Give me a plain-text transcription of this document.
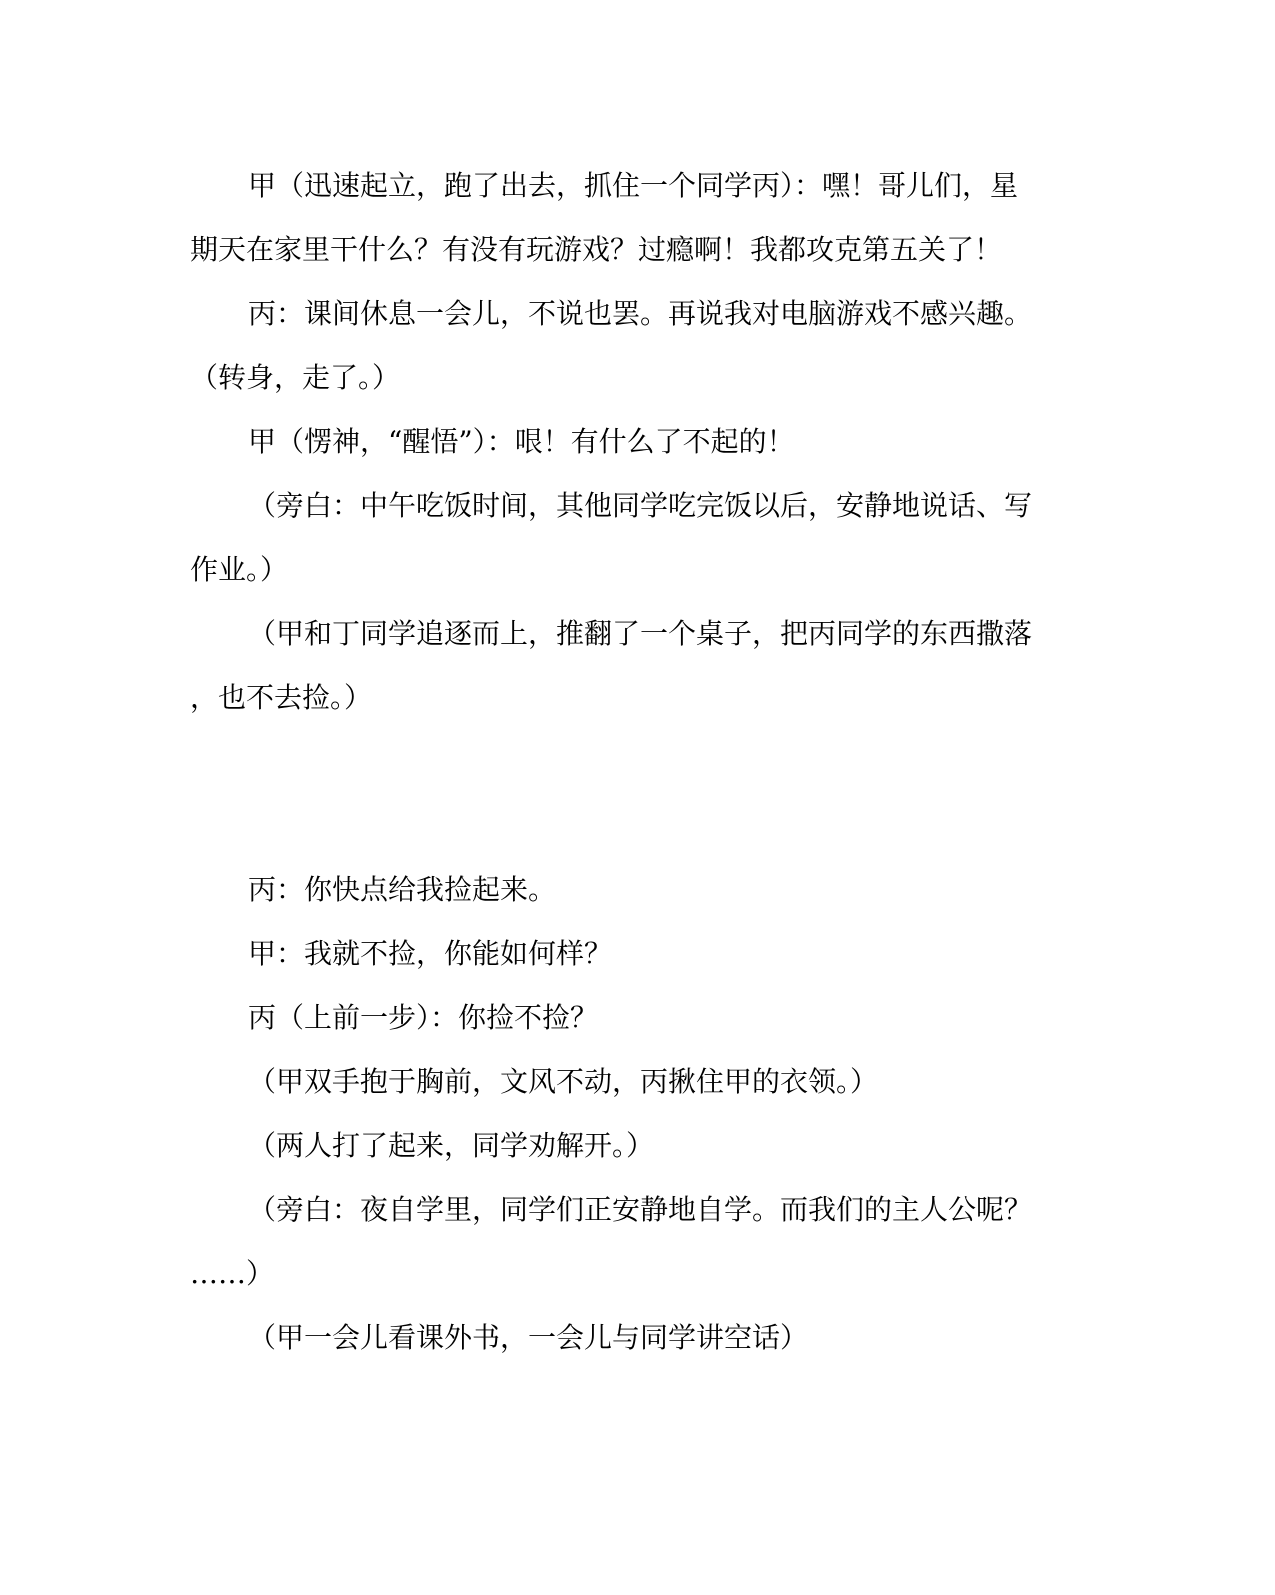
甲（迅速起立，跑了出去，抓住一个同学丙）：嘿！哥儿们，星
期天在家里干什么？有没有玩游戏？过瘾啊！我都攻克第五关了！
丙：课间休息一会儿，不说也罢。再说我对电脑游戏不感兴趣。
（转身，走了。）
甲（愣神，“醒悟”）：哏！有什么了不起的！
（旁白：中午吃饭时间，其他同学吃完饭以后，安静地说话、写
作业。）
（甲和丁同学追逐而上，推翻了一个桌子，把丙同学的东西撒落
，也不去捡。）
丙：你快点给我捡起来。
甲：我就不捡，你能如何样？
丙（上前一步）：你捡不捡？
（甲双手抱于胸前，文风不动，丙揪住甲的衣领。）
（两人打了起来，同学劝解开。）
（旁白：夜自学里，同学们正安静地自学。而我们的主人公呢？
……）
（甲一会儿看课外书，一会儿与同学讲空话）
